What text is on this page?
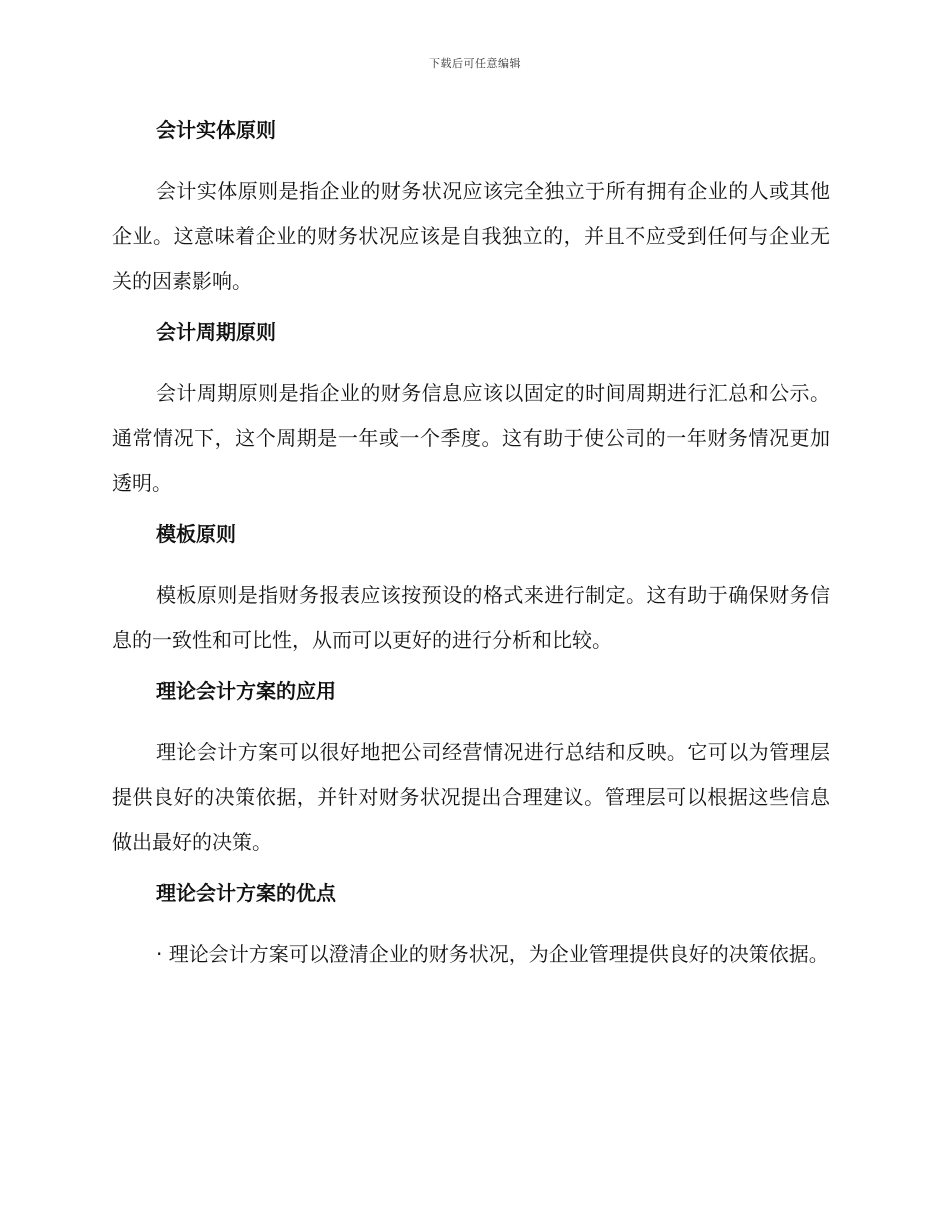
下载后可任意编辑
会计实体原则
会计实体原则是指企业的财务状况应该完全独立于所有拥有企业的人或其他企业。这意味着企业的财务状况应该是自我独立的，并且不应受到任何与企业无关的因素影响。
会计周期原则
会计周期原则是指企业的财务信息应该以固定的时间周期进行汇总和公示。通常情况下，这个周期是一年或一个季度。这有助于使公司的一年财务情况更加透明。
模板原则
模板原则是指财务报表应该按预设的格式来进行制定。这有助于确保财务信息的一致性和可比性，从而可以更好的进行分析和比较。
理论会计方案的应用
理论会计方案可以很好地把公司经营情况进行总结和反映。它可以为管理层提供良好的决策依据，并针对财务状况提出合理建议。管理层可以根据这些信息做出最好的决策。
理论会计方案的优点
· 理论会计方案可以澄清企业的财务状况，为企业管理提供良好的决策依据。
